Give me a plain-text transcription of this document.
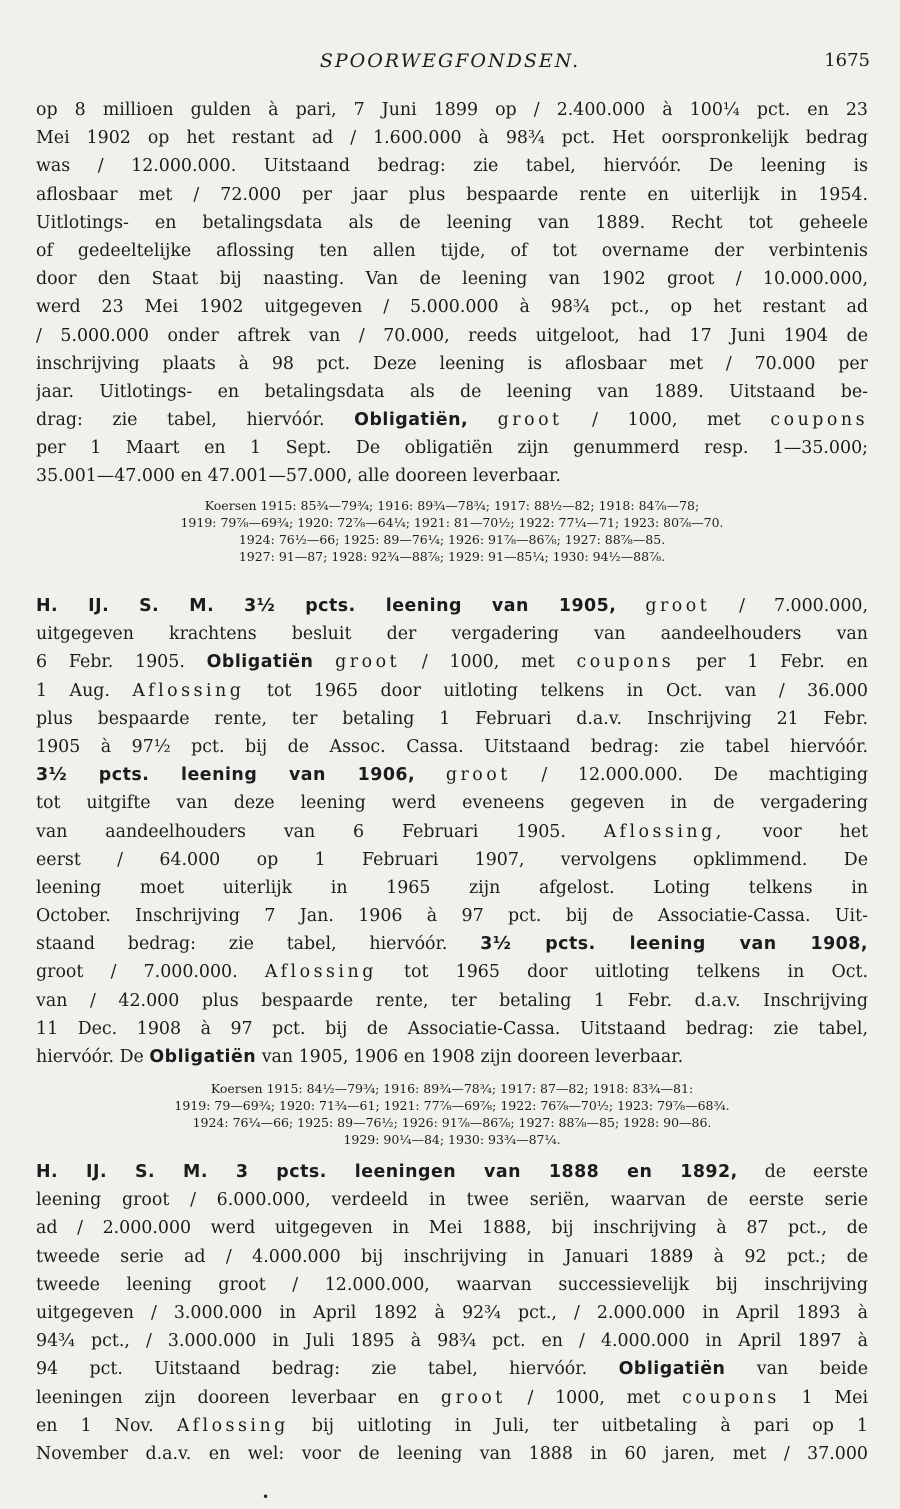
SPOORWEGFONDSEN.	1675
op 8 millioen gulden à pari, 7 Juni 1899 op / 2.400.000 à 100¼ pct. en 23
Mei 1902 op het restant ad / 1.600.000 à 98¾ pct. Het oorspronkelijk bedrag
was / 12.000.000. Uitstaand bedrag: zie tabel, hiervóór. De leening is
aflosbaar met / 72.000 per jaar plus bespaarde rente en uiterlijk in 1954.
Uitlotings- en betalingsdata als de leening van 1889. Recht tot geheele
of gedeeltelijke aflossing ten allen tijde, of tot overname der verbintenis
door den Staat bij naasting. Van de leening van 1902 groot / 10.000.000,
werd 23 Mei 1902 uitgegeven / 5.000.000 à 98¾ pct., op het restant ad
/ 5.000.000 onder aftrek van / 70.000, reeds uitgeloot, had 17 Juni 1904 de
inschrijving plaats à 98 pct. Deze leening is aflosbaar met / 70.000 per
jaar. Uitlotings- en betalingsdata als de leening van 1889. Uitstaand be-
drag: zie tabel, hiervóór. Obligatiën, groot / 1000, met coupons
per 1 Maart en 1 Sept. De obligatiën zijn genummerd resp. 1—35.000;
35.001—47.000 en 47.001—57.000, alle dooreen leverbaar.
Koersen 1915: 85¾—79¾; 1916: 89¾—78¾; 1917: 88½—82; 1918: 84⅞—78;
1919: 79⅞—69¾; 1920: 72⅞—64¼; 1921: 81—70½; 1922: 77¼—71; 1923: 80⅞—70.
1924: 76½—66; 1925: 89—76¼; 1926: 91⅞—86⅞; 1927: 88⅞—85.
1927: 91—87; 1928: 92¾—88⅞; 1929: 91—85¼; 1930: 94½—88⅞.
H. IJ. S. M. 3½ pcts. leening van 1905, groot / 7.000.000,
uitgegeven krachtens besluit der vergadering van aandeelhouders van
6 Febr. 1905. Obligatiën groot / 1000, met coupons per 1 Febr. en
1 Aug. Aflossing tot 1965 door uitloting telkens in Oct. van / 36.000
plus bespaarde rente, ter betaling 1 Februari d.a.v. Inschrijving 21 Febr.
1905 à 97½ pct. bij de Assoc. Cassa. Uitstaand bedrag: zie tabel hiervóór.
3½ pcts. leening van 1906, groot / 12.000.000. De machtiging
tot uitgifte van deze leening werd eveneens gegeven in de vergadering
van aandeelhouders van 6 Februari 1905. Aflossing, voor het
eerst / 64.000 op 1 Februari 1907, vervolgens opklimmend. De
leening moet uiterlijk in 1965 zijn afgelost. Loting telkens in
October. Inschrijving 7 Jan. 1906 à 97 pct. bij de Associatie-Cassa. Uit-
staand bedrag: zie tabel, hiervóór. 3½ pcts. leening van 1908,
groot / 7.000.000. Aflossing tot 1965 door uitloting telkens in Oct.
van / 42.000 plus bespaarde rente, ter betaling 1 Febr. d.a.v. Inschrijving
11 Dec. 1908 à 97 pct. bij de Associatie-Cassa. Uitstaand bedrag: zie tabel,
hiervóór. De Obligatiën van 1905, 1906 en 1908 zijn dooreen leverbaar.
Koersen 1915: 84½—79¾; 1916: 89¾—78¾; 1917: 87—82; 1918: 83¾—81:
1919: 79—69¾; 1920: 71¾—61; 1921: 77⅞—69⅞; 1922: 76⅞—70½; 1923: 79⅞—68¾.
1924: 76¼—66; 1925: 89—76½; 1926: 91⅞—86⅞; 1927: 88⅞—85; 1928: 90—86.
1929: 90¼—84; 1930: 93¾—87¼.
H. IJ. S. M. 3 pcts. leeningen van 1888 en 1892, de eerste
leening groot / 6.000.000, verdeeld in twee seriën, waarvan de eerste serie
ad / 2.000.000 werd uitgegeven in Mei 1888, bij inschrijving à 87 pct., de
tweede serie ad / 4.000.000 bij inschrijving in Januari 1889 à 92 pct.; de
tweede leening groot / 12.000.000, waarvan successievelijk bij inschrijving
uitgegeven / 3.000.000 in April 1892 à 92¾ pct., / 2.000.000 in April 1893 à
94¾ pct., / 3.000.000 in Juli 1895 à 98¾ pct. en / 4.000.000 in April 1897 à
94 pct. Uitstaand bedrag: zie tabel, hiervóór. Obligatiën van beide
leeningen zijn dooreen leverbaar en groot / 1000, met coupons 1 Mei
en 1 Nov. Aflossing bij uitloting in Juli, ter uitbetaling à pari op 1
November d.a.v. en wel: voor de leening van 1888 in 60 jaren, met / 37.000
•
